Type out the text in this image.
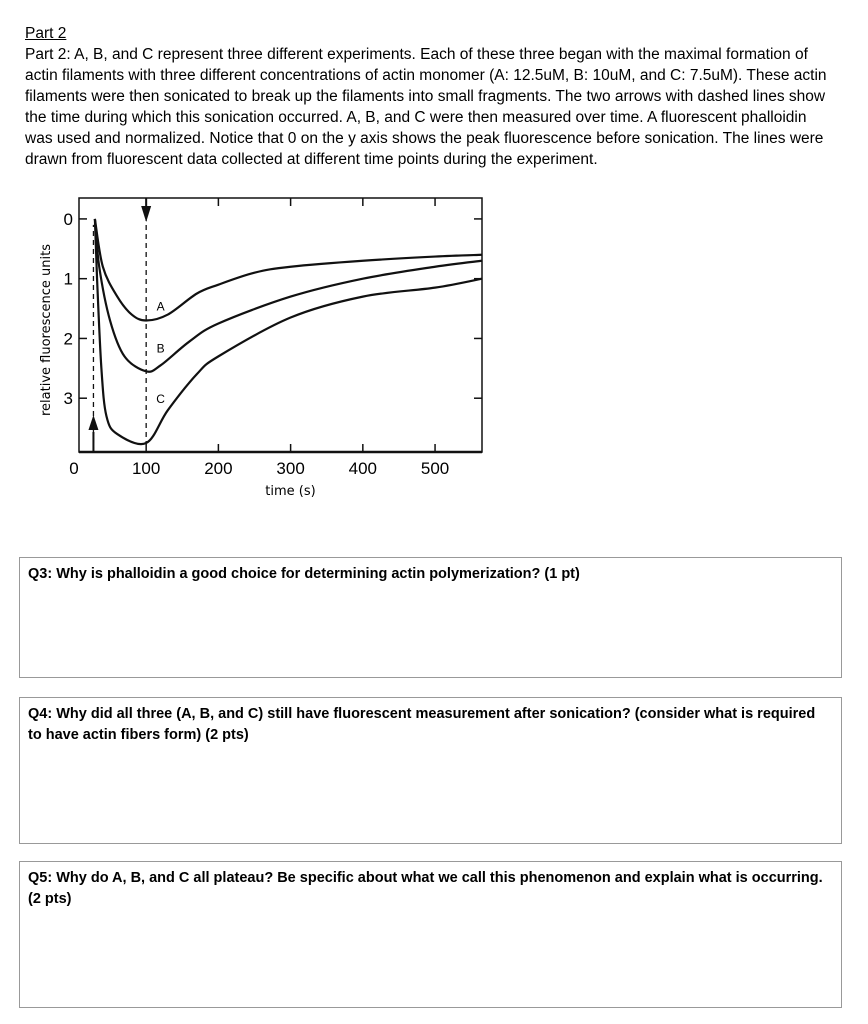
Part 2
Part 2: A, B, and C represent three different experiments. Each of these three began with the maximal formation of actin filaments with three different concentrations of actin monomer (A: 12.5uM, B: 10uM, and C: 7.5uM). These actin filaments were then sonicated to break up the filaments into small fragments. The two arrows with dashed lines show the time during which this sonication occurred. A, B, and C were then measured over time. A fluorescent phalloidin was used and normalized. Notice that 0 on the y axis shows the peak fluorescence before sonication. The lines were drawn from fluorescent data collected at different time points during the experiment.
0	100	200	300	400	500
0
1
2
3
time (s)
relative fluorescence units	A
B
C
Q3: Why is phalloidin a good choice for determining actin polymerization? (1 pt)
Q4: Why did all three (A, B, and C) still have fluorescent measurement after sonication? (consider what is required to have actin fibers form) (2 pts)
Q5: Why do A, B, and C all plateau? Be specific about what we call this phenomenon and explain what is occurring. (2 pts)
